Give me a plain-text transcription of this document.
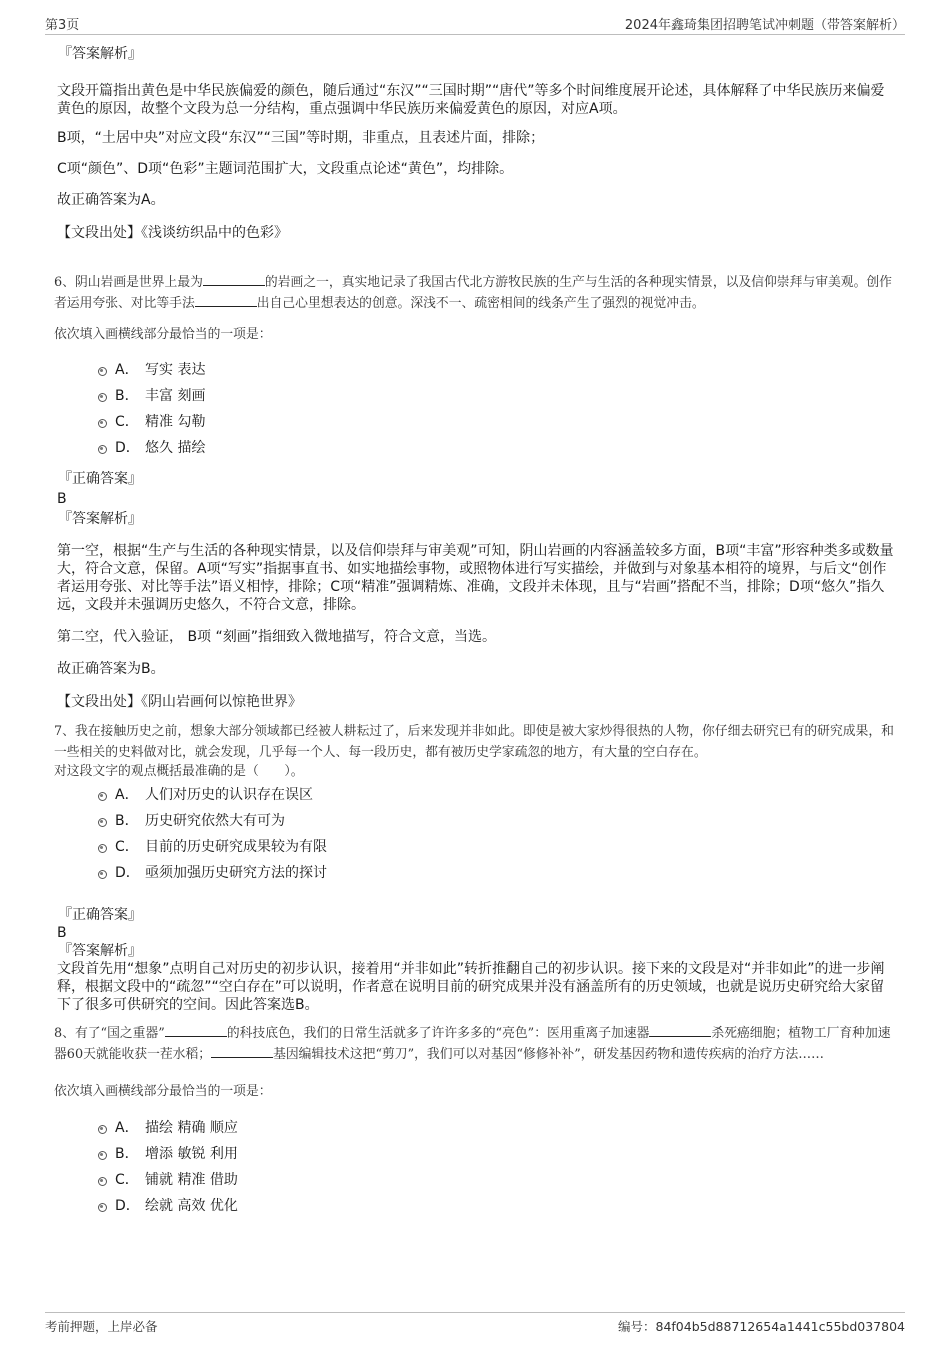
第3页	2024年鑫琦集团招聘笔试冲刺题（带答案解析）

『答案解析』

文段开篇指出黄色是中华民族偏爱的颜色，随后通过“东汉”“三国时期”“唐代”等多个时间维度展开论述，具体解释了中华民族历来偏爱黄色的原因，故整个文段为总一分结构，重点强调中华民族历来偏爱黄色的原因，对应A项。

B项，“土居中央”对应文段“东汉”“三国”等时期，非重点，且表述片面，排除；

C项“颜色”、D项“色彩”主题词范围扩大，文段重点论述“黄色”，均排除。

故正确答案为A。

【文段出处】《浅谈纺织品中的色彩》

6、阴山岩画是世界上最为	的岩画之一，真实地记录了我国古代北方游牧民族的生产与生活的各种现实情景，以及信仰崇拜与审美观。创作者运用夸张、对比等手法	出自己心里想表达的创意。深浅不一、疏密相间的线条产生了强烈的视觉冲击。

依次填入画横线部分最恰当的一项是：

A． 写实 表达
B． 丰富 刻画
C． 精准 勾勒
D． 悠久 描绘

『正确答案』

B

『答案解析』

第一空，根据“生产与生活的各种现实情景，以及信仰崇拜与审美观”可知，阴山岩画的内容涵盖较多方面，B项“丰富”形容种类多或数量大，符合文意，保留。A项“写实”指据事直书、如实地描绘事物，或照物体进行写实描绘，并做到与对象基本相符的境界，与后文“创作者运用夸张、对比等手法”语义相悖，排除；C项“精准”强调精炼、准确，文段并未体现，且与“岩画”搭配不当，排除；D项“悠久”指久远，文段并未强调历史悠久，不符合文意，排除。

第二空，代入验证， B项 “刻画”指细致入微地描写，符合文意，当选。

故正确答案为B。

【文段出处】《阴山岩画何以惊艳世界》

7、我在接触历史之前，想象大部分领域都已经被人耕耘过了，后来发现并非如此。即使是被大家炒得很热的人物，你仔细去研究已有的研究成果，和一些相关的史料做对比，就会发现，几乎每一个人、每一段历史，都有被历史学家疏忽的地方，有大量的空白存在。

对这段文字的观点概括最准确的是（　　）。

A． 人们对历史的认识存在误区
B． 历史研究依然大有可为
C． 目前的历史研究成果较为有限
D． 亟须加强历史研究方法的探讨

『正确答案』

B

『答案解析』

文段首先用“想象”点明自己对历史的初步认识，接着用“并非如此”转折推翻自己的初步认识。接下来的文段是对“并非如此”的进一步阐释，根据文段中的“疏忽”“空白存在”可以说明，作者意在说明目前的研究成果并没有涵盖所有的历史领域，也就是说历史研究给大家留下了很多可供研究的空间。因此答案选B。

8、有了“国之重器”	的科技底色，我们的日常生活就多了许许多多的“亮色”：医用重离子加速器	杀死癌细胞；植物工厂育种加速器60天就能收获一茬水稻；	基因编辑技术这把“剪刀”，我们可以对基因“修修补补”，研发基因药物和遗传疾病的治疗方法……

依次填入画横线部分最恰当的一项是：

A． 描绘 精确 顺应
B． 增添 敏锐 利用
C． 铺就 精准 借助
D． 绘就 高效 优化
考前押题，上岸必备	编号：84f04b5d88712654a1441c55bd037804
